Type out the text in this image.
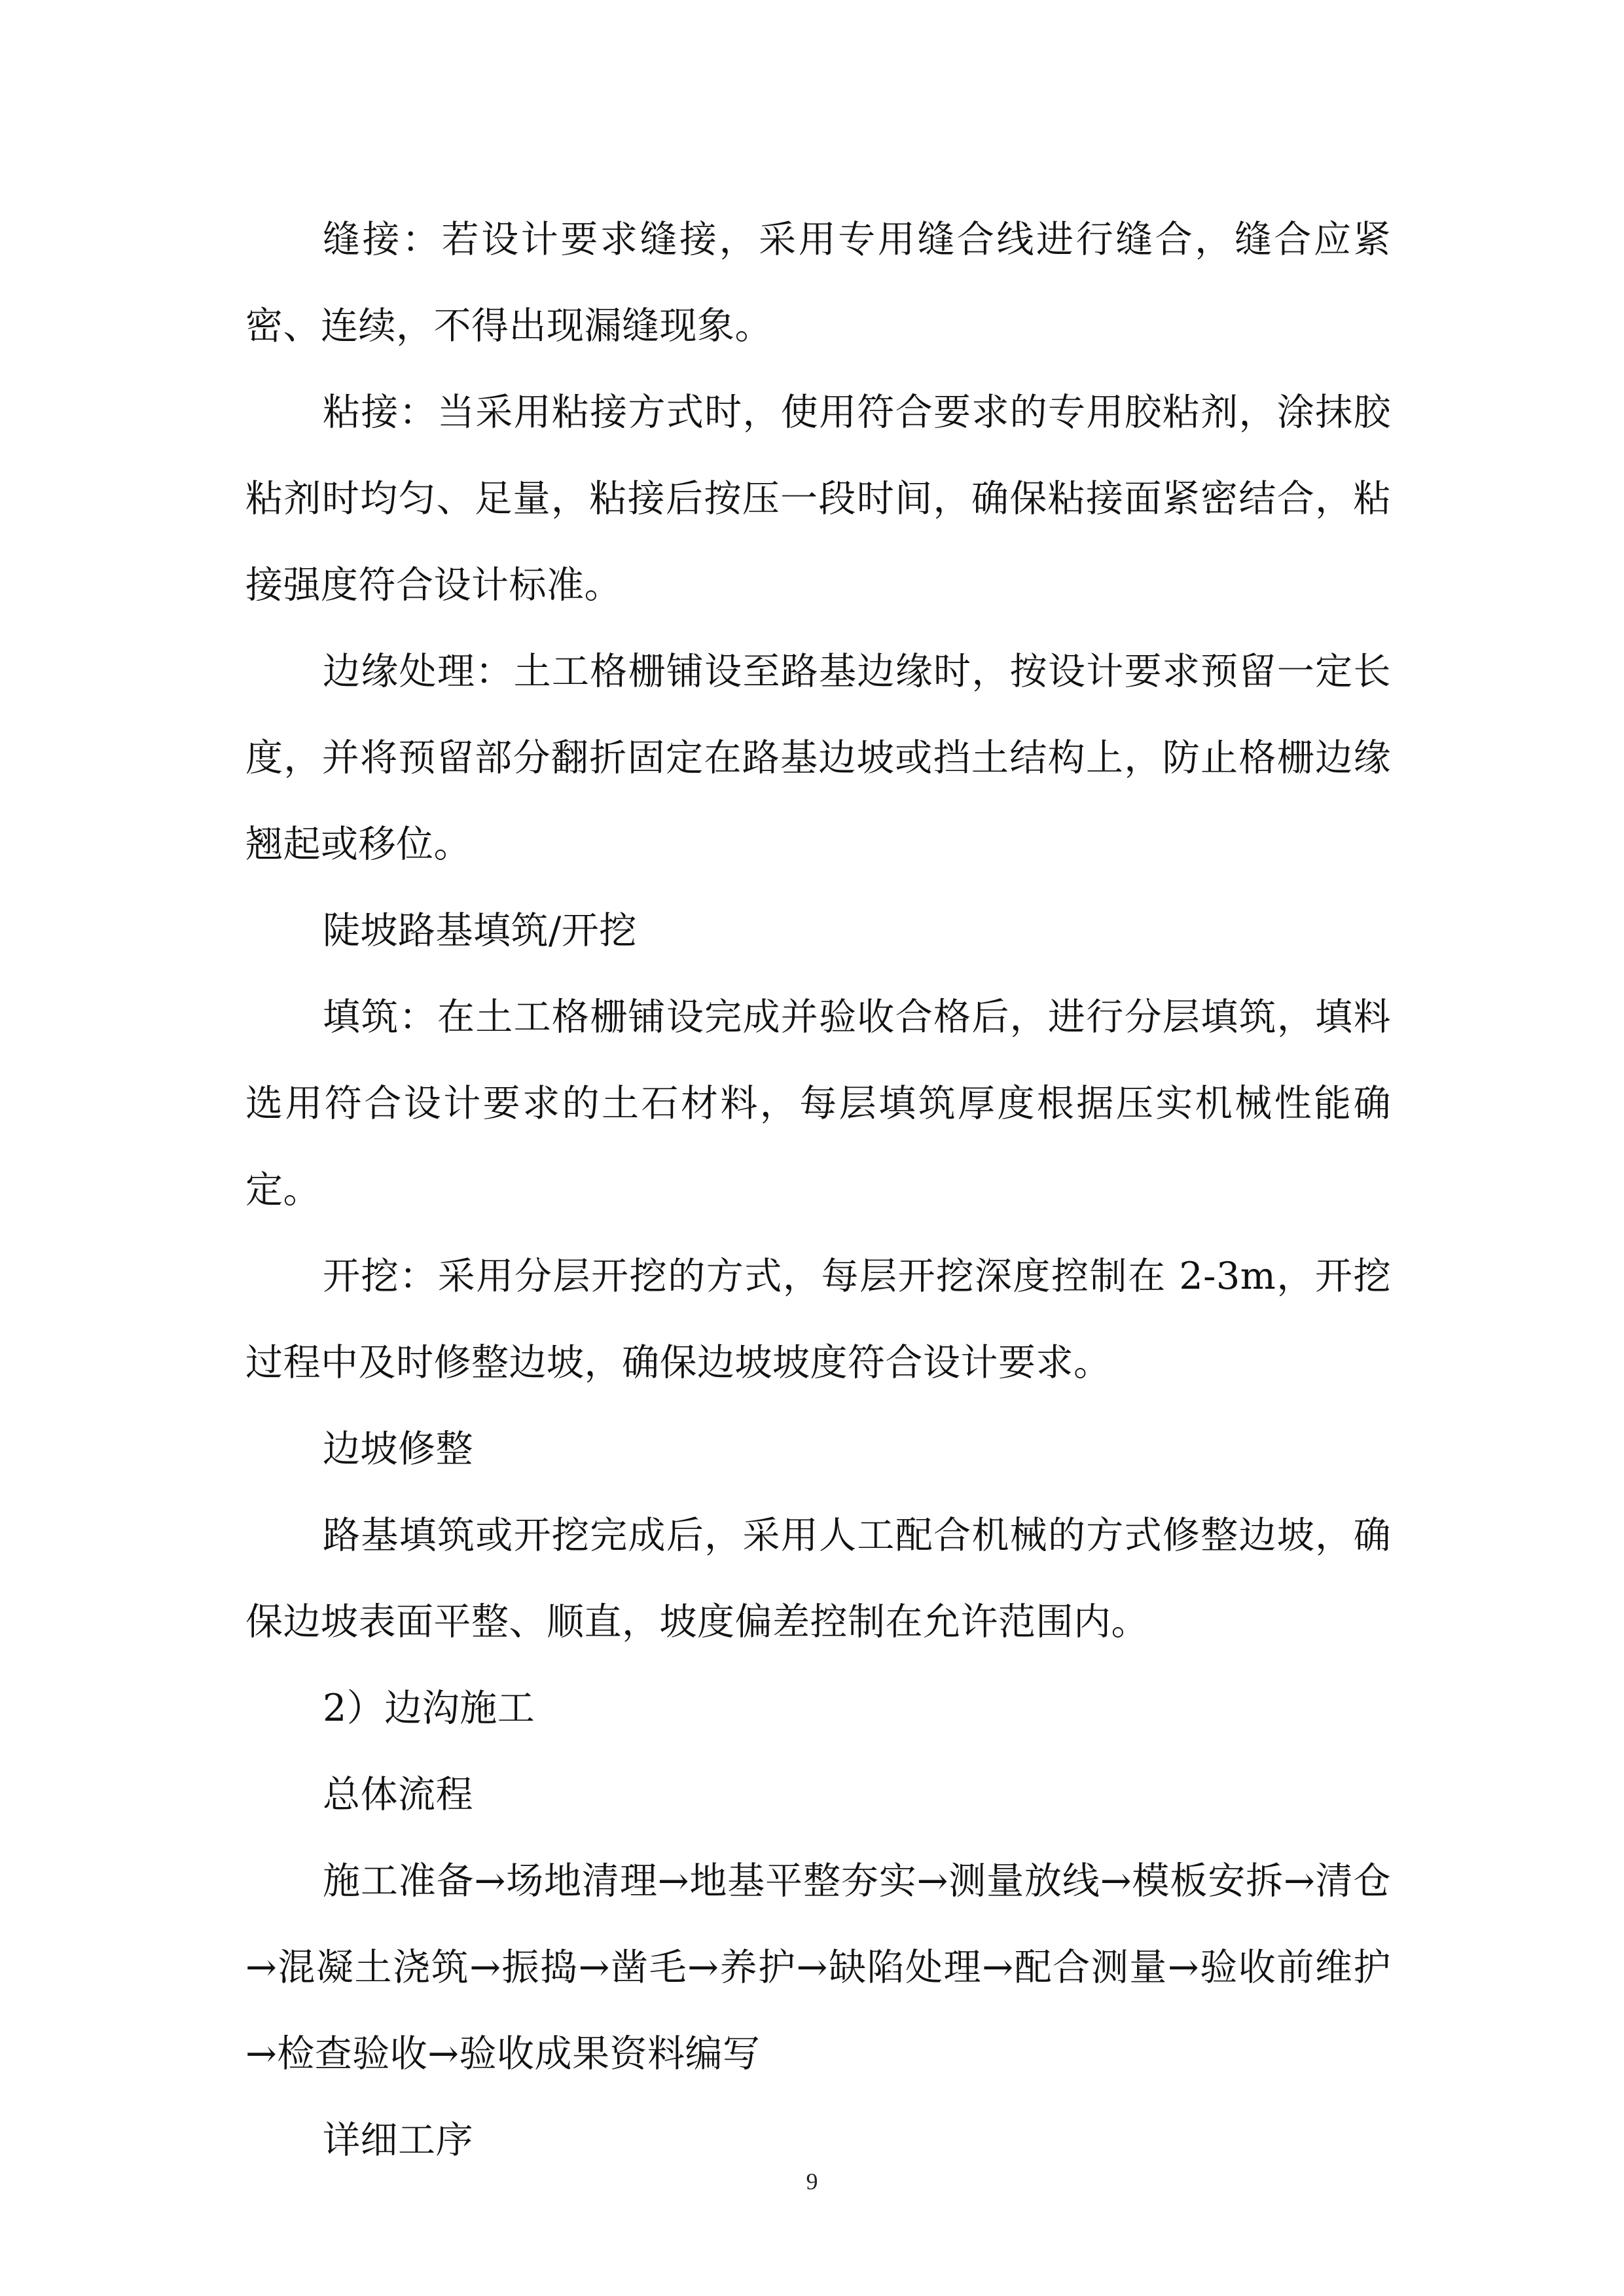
缝接：若设计要求缝接，采用专用缝合线进行缝合，缝合应紧密、连续，不得出现漏缝现象。

粘接：当采用粘接方式时，使用符合要求的专用胶粘剂，涂抹胶粘剂时均匀、足量，粘接后按压一段时间，确保粘接面紧密结合，粘接强度符合设计标准。

边缘处理：土工格栅铺设至路基边缘时，按设计要求预留一定长度，并将预留部分翻折固定在路基边坡或挡土结构上，防止格栅边缘翘起或移位。

陡坡路基填筑/开挖

填筑：在土工格栅铺设完成并验收合格后，进行分层填筑，填料选用符合设计要求的土石材料，每层填筑厚度根据压实机械性能确定。

开挖：采用分层开挖的方式，每层开挖深度控制在 2-3m，开挖过程中及时修整边坡，确保边坡坡度符合设计要求。

边坡修整

路基填筑或开挖完成后，采用人工配合机械的方式修整边坡，确保边坡表面平整、顺直，坡度偏差控制在允许范围内。

2）边沟施工

总体流程

施工准备→场地清理→地基平整夯实→测量放线→模板安拆→清仓→混凝土浇筑→振捣→凿毛→养护→缺陷处理→配合测量→验收前维护→检查验收→验收成果资料编写

详细工序

9
